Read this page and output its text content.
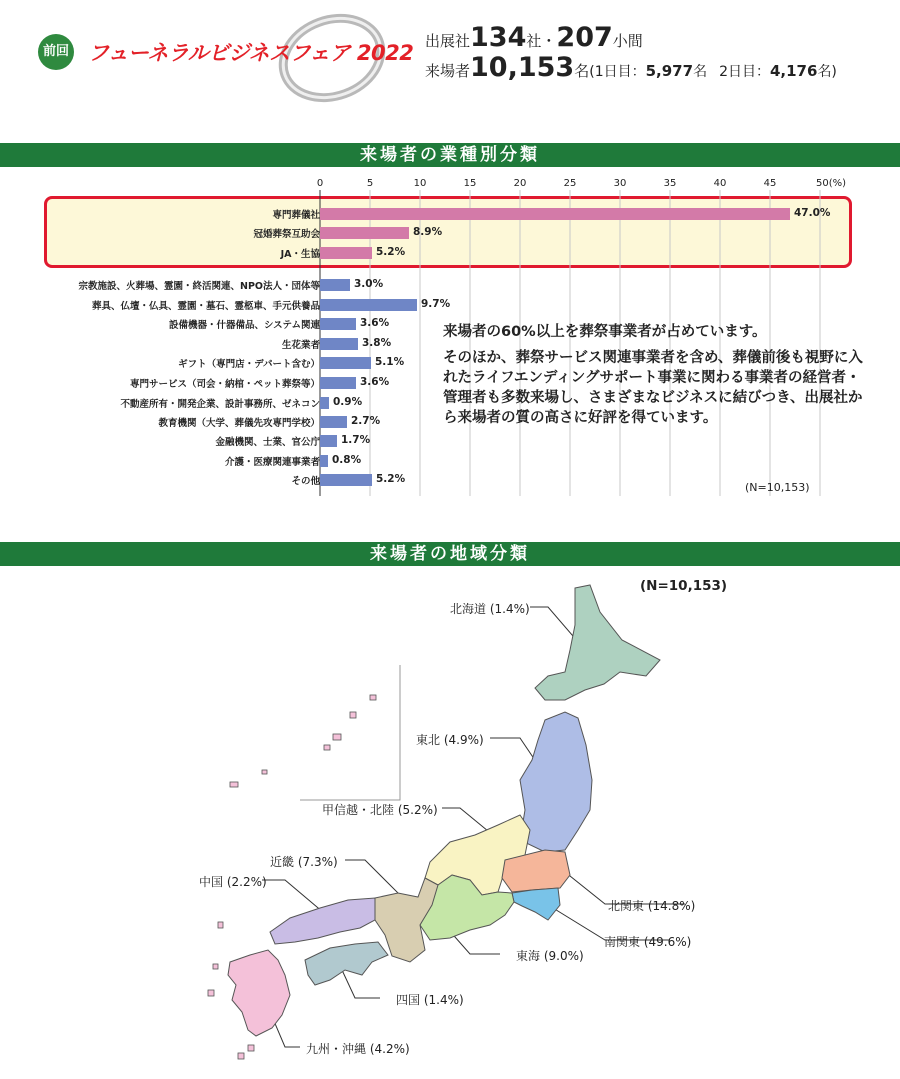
前回 フューネラルビジネスフェア 2022 出展社134社・207小間
来場者10,153名(1日目：5,977名 2日目：4,176名)
来場者の業種別分類
0	5	10	15	20	25	30	35	40	45	50(%)
専門葬儀社	47.0%
冠婚葬祭互助会	8.9%
JA・生協	5.2%
宗教施設、火葬場、霊園・終活関連、NPO法人・団体等	3.0%
葬具、仏壇・仏具、霊園・墓石、霊柩車、手元供養品	9.7%
設備機器・什器備品、システム関連	3.6%
生花業者	3.8%
ギフト（専門店・デパート含む）	5.1%
専門サービス（司会・納棺・ペット葬祭等）	3.6%
不動産所有・開発企業、設計事務所、ゼネコン 0.9%
教育機関（大学、葬儀先攻専門学校）	2.7%
金融機関、士業、官公庁 1.7%
介護・医療関連事業者 0.8%
その他	5.2%

来場者の60%以上を葬祭事業者が占めています。

そのほか、葬祭サービス関連事業者を含め、葬儀前後も視野に入れたライフエンディングサポート事業に関わる事業者の経営者・管理者も多数来場し、さまざまなビジネスに結びつき、出展社から来場者の質の高さに好評を得ています。

(N=10,153)
来場者の地域分類
(N=10,153)
北海道 (1.4%)
東北 (4.9%)
甲信越・北陸 (5.2%)
北関東 (14.8%)
南関東 (49.6%)
東海 (9.0%)
近畿 (7.3%)
中国 (2.2%)
四国 (1.4%)
九州・沖縄 (4.2%)
